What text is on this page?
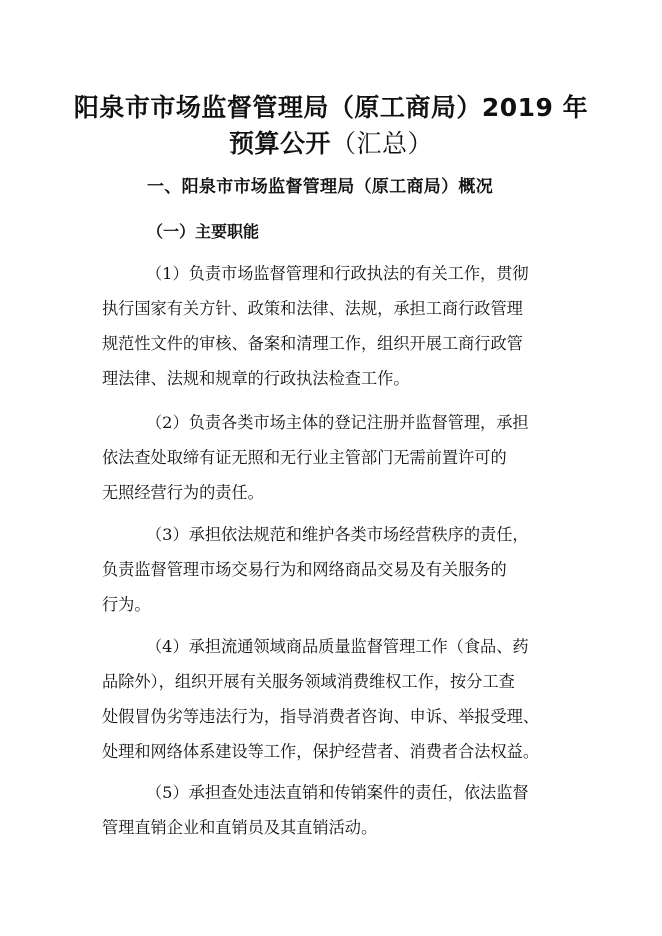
阳泉市市场监督管理局（原工商局）2019 年
预算公开（汇总）
一、阳泉市市场监督管理局（原工商局）概况
（一）主要职能
（1）负责市场监督管理和行政执法的有关工作，贯彻
执行国家有关方针、政策和法律、法规，承担工商行政管理
规范性文件的审核、备案和清理工作，组织开展工商行政管
理法律、法规和规章的行政执法检查工作。
（2）负责各类市场主体的登记注册并监督管理，承担
依法查处取缔有证无照和无行业主管部门无需前置许可的
无照经营行为的责任。
（3）承担依法规范和维护各类市场经营秩序的责任，
负责监督管理市场交易行为和网络商品交易及有关服务的
行为。
（4）承担流通领域商品质量监督管理工作（食品、药
品除外），组织开展有关服务领域消费维权工作，按分工查
处假冒伪劣等违法行为，指导消费者咨询、申诉、举报受理、
处理和网络体系建设等工作，保护经营者、消费者合法权益。
（5）承担查处违法直销和传销案件的责任，依法监督
管理直销企业和直销员及其直销活动。
